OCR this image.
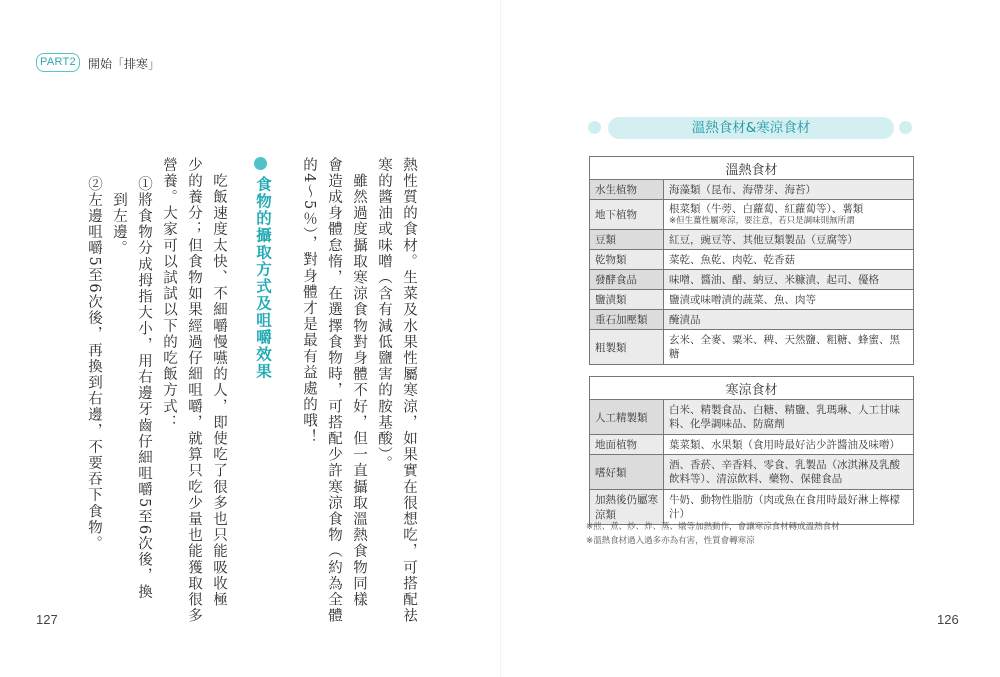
PART2	開始「排寒」
熱性質的食材。生菜及水果性屬寒涼，如果實在很想吃，可搭配祛
寒的醬油或味噌（含有減低鹽害的胺基酸）。
　雖然過度攝取寒涼食物對身體不好，但一直攝取溫熱食物同樣
會造成身體怠惰，在選擇食物時，可搭配少許寒涼食物（約為全體
的4～5％），對身體才是最有益處的哦！
食物的攝取方式及咀嚼效果
　吃飯速度太快、不細嚼慢嚥的人，即使吃了很多也只能吸收極
少的養分；但食物如果經過仔細咀嚼，就算只吃少量也能獲取很多
營養。大家可以試試以下的吃飯方式：
①將食物分成拇指大小，用右邊牙齒仔細咀嚼5至6次後，換
　到左邊。
②左邊咀嚼5至6次後，再換到右邊，不要吞下食物。
127
溫熱食材&寒涼食材
溫熱食材	
水生植物	海藻類（昆布、海帶芽、海苔）
地下植物	根菜類（牛蒡、白蘿蔔、紅蘿蔔等）、薯類
※但生薑性屬寒涼，要注意，若只是調味則無所謂

豆類	紅豆，豌豆等、其他豆類製品（豆腐等）
乾物類	菜乾、魚乾、肉乾、乾香菇
發酵食品	味噌、醬油、醋、納豆、米糠漬、起司、優格
鹽漬類	鹽漬或味噌漬的蔬菜、魚、肉等
重石加壓類	醃漬品
粗製類	玄米、全麥、粟米、稗、天然鹽、粗糖、蜂蜜、黑糖
寒涼食材	
人工精製類	白米、精製食品、白糖、精鹽、乳瑪琳、人工甘味料、化學調味品、防腐劑
地面植物	葉菜類、水果類（食用時最好沾少許醬油及味噌）
嗜好類	酒、香菸、辛香料、零食、乳製品（冰淇淋及乳酸飲料等）、清涼飲料、藥物、保健食品
加熱後仍屬寒涼類	牛奶、動物性脂肪（肉或魚在食用時最好淋上檸檬汁）
※煎、煮、炒、炸、蒸、燉等加熱動作，會讓寒涼食材轉成溫熱食材
※溫熱食材過入過多亦為有害，性質會轉寒涼
126
